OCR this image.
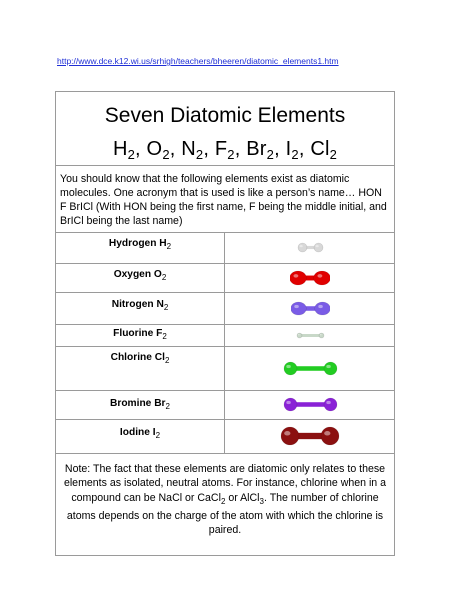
http://www.dce.k12.wi.us/srhigh/teachers/bheeren/diatomic_elements1.htm
Seven Diatomic Elements
$H_2$, $O_2$, $N_2$, $F_2$, $Br_2$, $I_2$, $Cl_2$
You should know that the following elements exist as diatomic molecules. One acronym that is used is like a person’s name… HON F BrICl (With HON being the first name, F being the middle initial, and BrICl being the last name)
Hydrogen $H_2$
Oxygen $O_2$
Nitrogen $N_2$
Fluorine $F_2$
Chlorine $Cl_2$
Bromine $Br_2$
Iodine $I_2$
Note: The fact that these elements are diatomic only relates to these elements as isolated, neutral atoms. For instance, chlorine when in a compound can be NaCl or CaCl$_2$ or AlCl$_3$. The number of chlorine atoms depends on the charge of the atom with which the chlorine is paired.
